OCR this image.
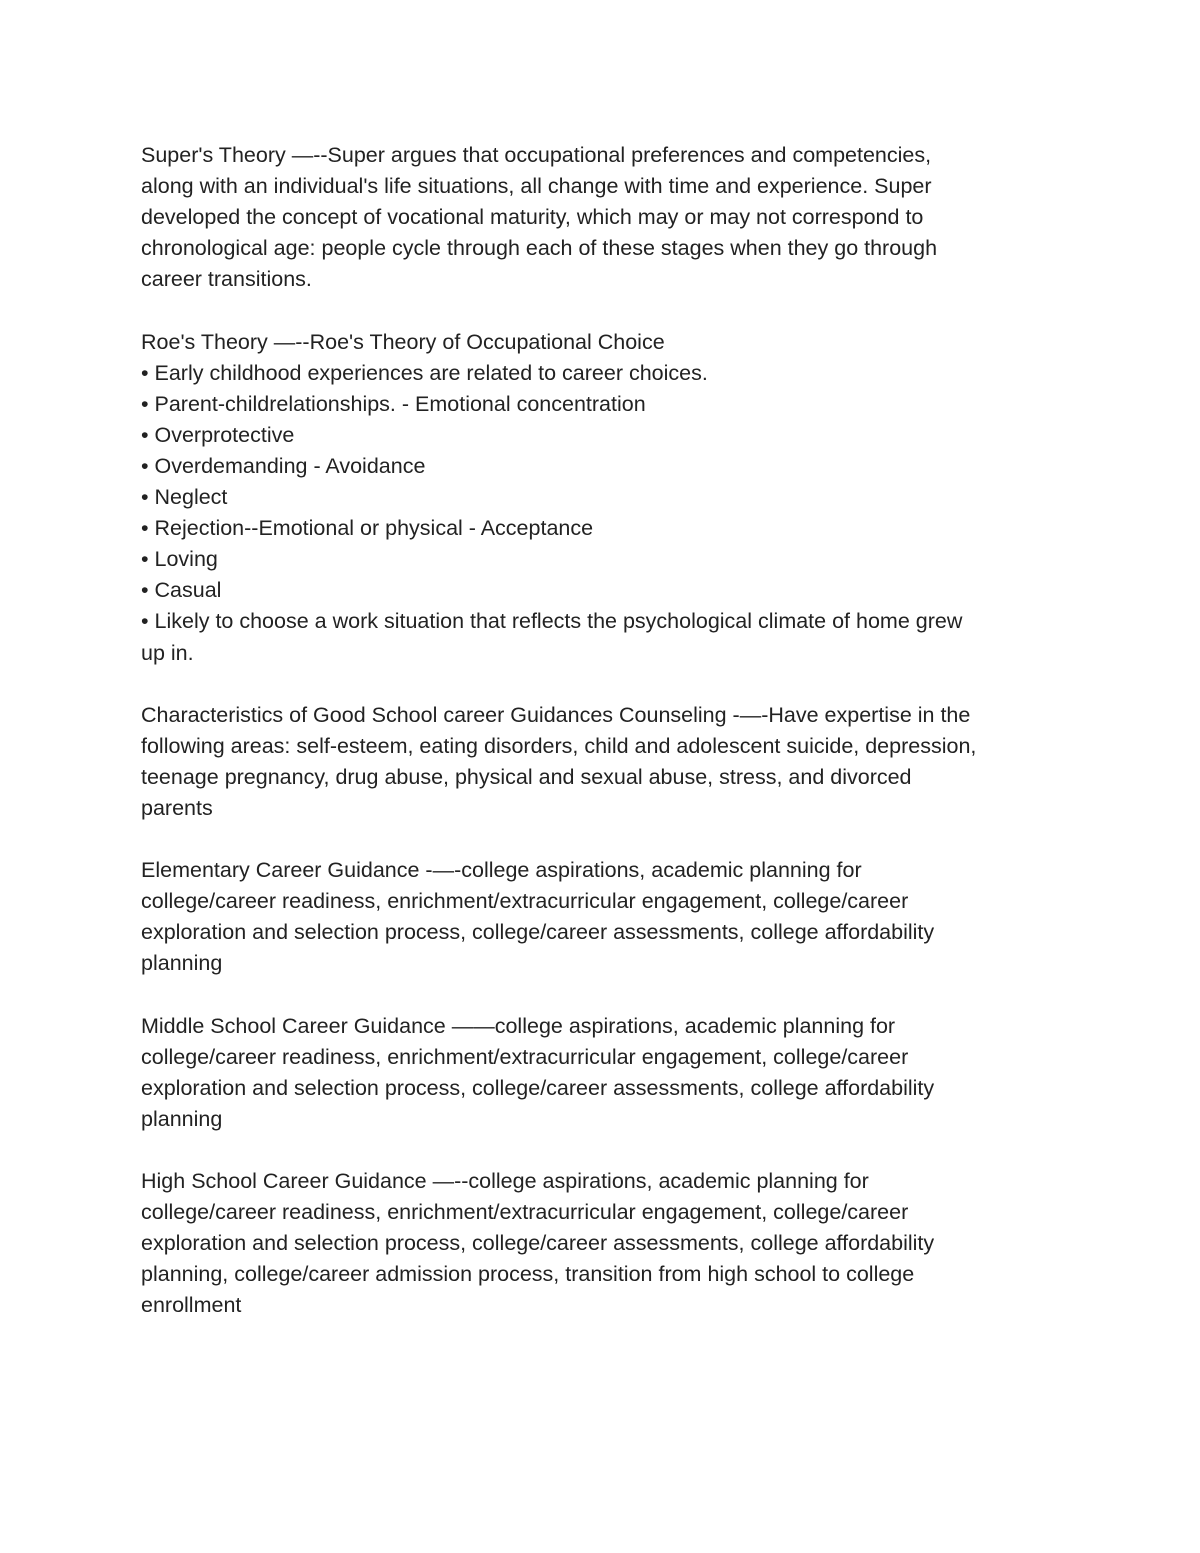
Super's Theory —--Super argues that occupational preferences and competencies,
along with an individual's life situations, all change with time and experience. Super
developed the concept of vocational maturity, which may or may not correspond to
chronological age: people cycle through each of these stages when they go through
career transitions.
Roe's Theory —--Roe's Theory of Occupational Choice
• Early childhood experiences are related to career choices.
• Parent-childrelationships. - Emotional concentration
• Overprotective
• Overdemanding - Avoidance
• Neglect
• Rejection--Emotional or physical - Acceptance
• Loving
• Casual
• Likely to choose a work situation that reflects the psychological climate of home grew
up in.
Characteristics of Good School career Guidances Counseling -—-Have expertise in the
following areas: self-esteem, eating disorders, child and adolescent suicide, depression,
teenage pregnancy, drug abuse, physical and sexual abuse, stress, and divorced
parents
Elementary Career Guidance -—-college aspirations, academic planning for
college/career readiness, enrichment/extracurricular engagement, college/career
exploration and selection process, college/career assessments, college affordability
planning
Middle School Career Guidance ——college aspirations, academic planning for
college/career readiness, enrichment/extracurricular engagement, college/career
exploration and selection process, college/career assessments, college affordability
planning
High School Career Guidance —--college aspirations, academic planning for
college/career readiness, enrichment/extracurricular engagement, college/career
exploration and selection process, college/career assessments, college affordability
planning, college/career admission process, transition from high school to college
enrollment
